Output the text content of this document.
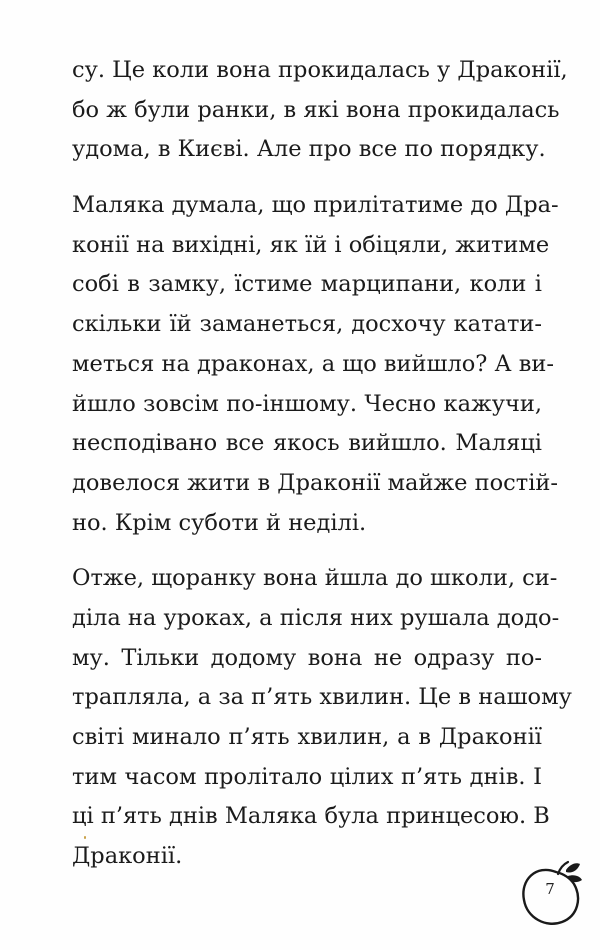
су. Це коли вона прокидалась у Драконії,
бо ж були ранки, в які вона прокидалась
удома, в Києві. Але про все по порядку.
Маляка думала, що прилітатиме до Дра-
конії на вихідні, як їй і обіцяли, житиме
собі в замку, їстиме марципани, коли і
скільки їй заманеться, досхочу катати-
меться на драконах, а що вийшло? А ви-
йшло зовсім по-іншому. Чесно кажучи,
несподівано все якось вийшло. Маляці
довелося жити в Драконії майже постій-
но. Крім суботи й неділі.
Отже, щоранку вона йшла до школи, си-
діла на уроках, а після них рушала додо-
му. Тільки додому вона не одразу по-
трапляла, а за п’ять хвилин. Це в нашому
світі минало п’ять хвилин, а в Драконії
тим часом пролітало цілих п’ять днів. І
ці п’ять днів Маляка була принцесою. В
Драконії.
7
